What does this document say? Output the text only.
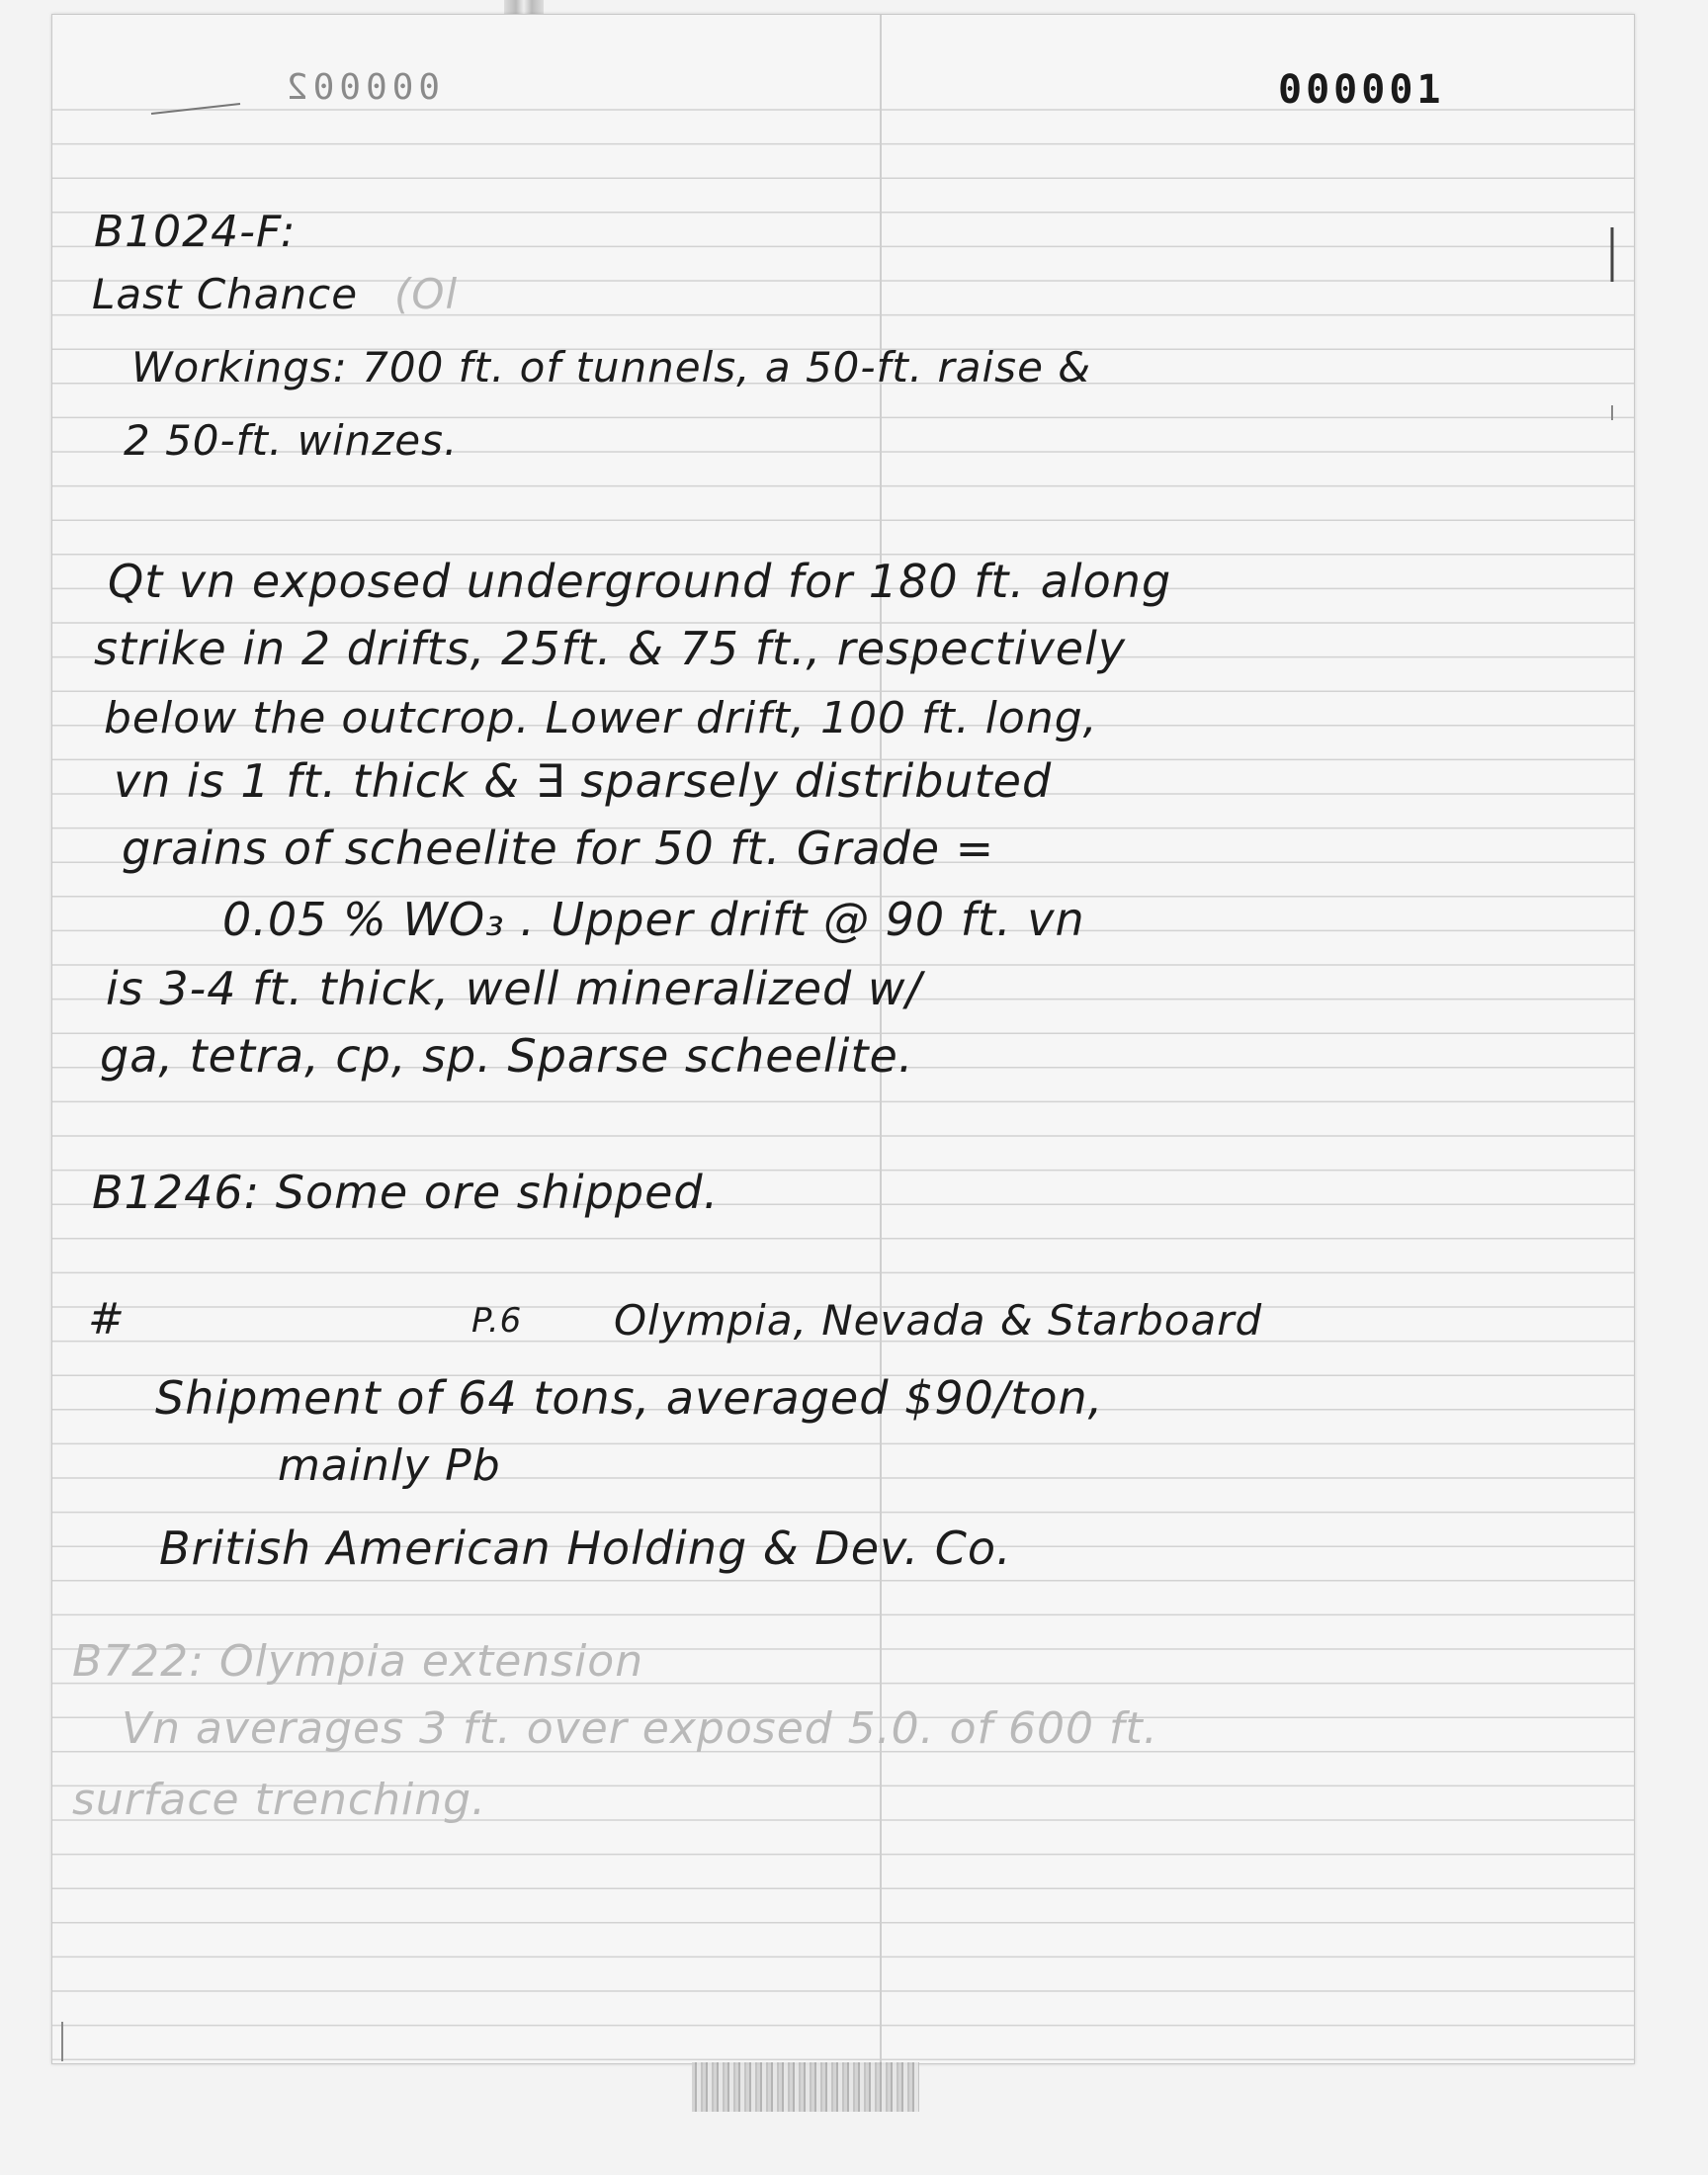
000002	000001
B1024-F:
Last Chance (Ol
Workings: 700 ft. of tunnels, a 50-ft. raise &
2 50-ft. winzes.
Qt vn exposed underground for 180 ft. along
strike in 2 drifts, 25ft. & 75 ft., respectively
below the outcrop. Lower drift, 100 ft. long,
vn is 1 ft. thick & ∃ sparsely distributed
grains of scheelite for 50 ft. Grade =
0.05 % WO₃ . Upper drift @ 90 ft. vn
is 3-4 ft. thick, well mineralized w/
ga, tetra, cp, sp. Sparse scheelite.
B1246: Some ore shipped.
#	P.6 Olympia, Nevada & Starboard
Shipment of 64 tons, averaged $90/ton,
mainly Pb
British American Holding & Dev. Co.
B722: Olympia extension
Vn averages 3 ft. over exposed 5.0. of 600 ft.
surface trenching.
